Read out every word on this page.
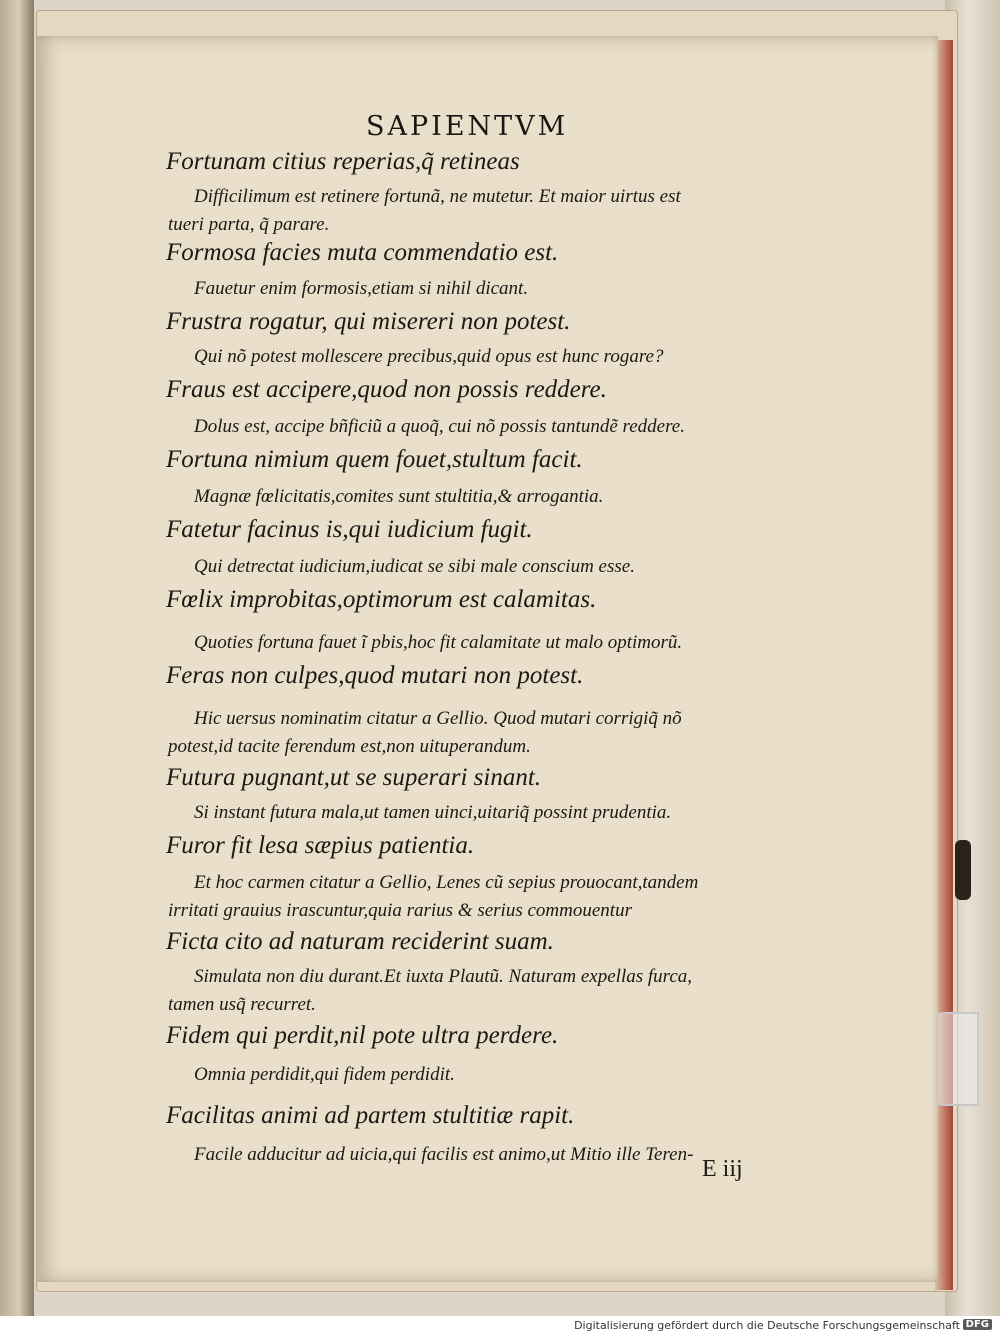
SAPIENTVM
Fortunam citius reperias,q̃ retineas
Difficilimum est retinere fortunã, ne mutetur. Et maior uirtus est
tueri parta, q̃ parare.
Formosa facies muta commendatio est.
Fauetur enim formosis,etiam si nihil dicant.
Frustra rogatur, qui misereri non potest.
Qui nõ potest mollescere precibus,quid opus est hunc rogare?
Fraus est accipere,quod non possis reddere.
Dolus est, accipe bñficiũ a quoq̃, cui nõ possis tantundẽ reddere.
Fortuna nimium quem fouet,stultum facit.
Magnæ fœlicitatis,comites sunt stultitia,& arrogantia.
Fatetur facinus is,qui iudicium fugit.
Qui detrectat iudicium,iudicat se sibi male conscium esse.
Fœlix improbitas,optimorum est calamitas.
Quoties fortuna fauet ĩ pbis,hoc fit calamitate ut malo optimorũ.
Feras non culpes,quod mutari non potest.
Hic uersus nominatim citatur a Gellio. Quod mutari corrigiq̃ nõ
potest,id tacite ferendum est,non uituperandum.
Futura pugnant,ut se superari sinant.
Si instant futura mala,ut tamen uinci,uitariq̃ possint prudentia.
Furor fit lesa sæpius patientia.
Et hoc carmen citatur a Gellio, Lenes cũ sepius prouocant,tandem
irritati grauius irascuntur,quia rarius & serius commouentur
Ficta cito ad naturam reciderint suam.
Simulata non diu durant.Et iuxta Plautũ. Naturam expellas furca,
tamen usq̃ recurret.
Fidem qui perdit,nil pote ultra perdere.
Omnia perdidit,qui fidem perdidit.
Facilitas animi ad partem stultitiæ rapit.
Facile adducitur ad uicia,qui facilis est animo,ut Mitio ille Teren-
E iij
Digitalisierung gefördert durch die Deutsche Forschungsgemeinschaft DFG
